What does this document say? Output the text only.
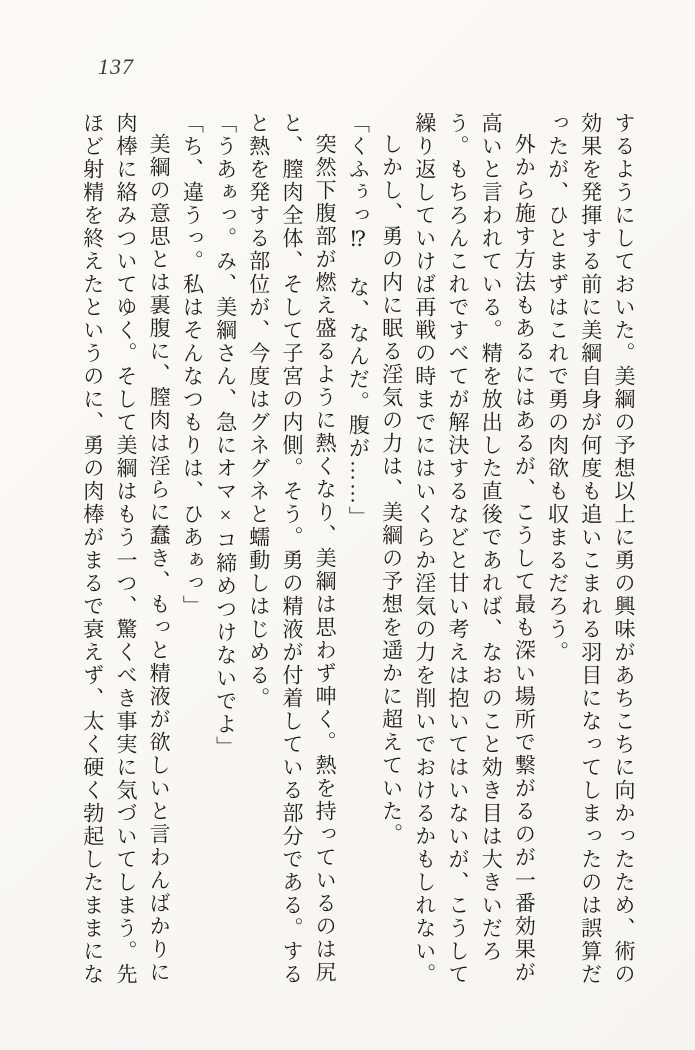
137

するようにしておいた。美綱の予想以上に勇の興味があちこちに向かったため、術の効果を発揮する前に美綱自身が何度も追いこまれる羽目になってしまったのは誤算だったが、ひとまずはこれで勇の肉欲も収まるだろう。

外から施す方法もあるにはあるが、こうして最も深い場所で繋がるのが一番効果が高いと言われている。精を放出した直後であれば、なおのこと効き目は大きいだろう。もちろんこれですべてが解決するなどと甘い考えは抱いてはいないが、こうして繰り返していけば再戦の時までにはいくらか淫気の力を削いでおけるかもしれない。

しかし、勇の内に眠る淫気の力は、美綱の予想を遥かに超えていた。

「くふぅっ⁉　な、なんだ。腹が……」

突然下腹部が燃え盛るように熱くなり、美綱は思わず呻く。熱を持っているのは尻と、膣肉全体、そして子宮の内側。そう。勇の精液が付着している部分である。すると熱を発する部位が、今度はグネグネと蠕動しはじめる。

「うあぁっ。み、美綱さん、急にオマ×コ締めつけないでよ」

「ち、違うっ。私はそんなつもりは、ひあぁっ」

美綱の意思とは裏腹に、膣肉は淫らに蠢き、もっと精液が欲しいと言わんばかりに肉棒に絡みついてゆく。そして美綱はもう一つ、驚くべき事実に気づいてしまう。先ほど射精を終えたというのに、勇の肉棒がまるで衰えず、太く硬く勃起したままにな
